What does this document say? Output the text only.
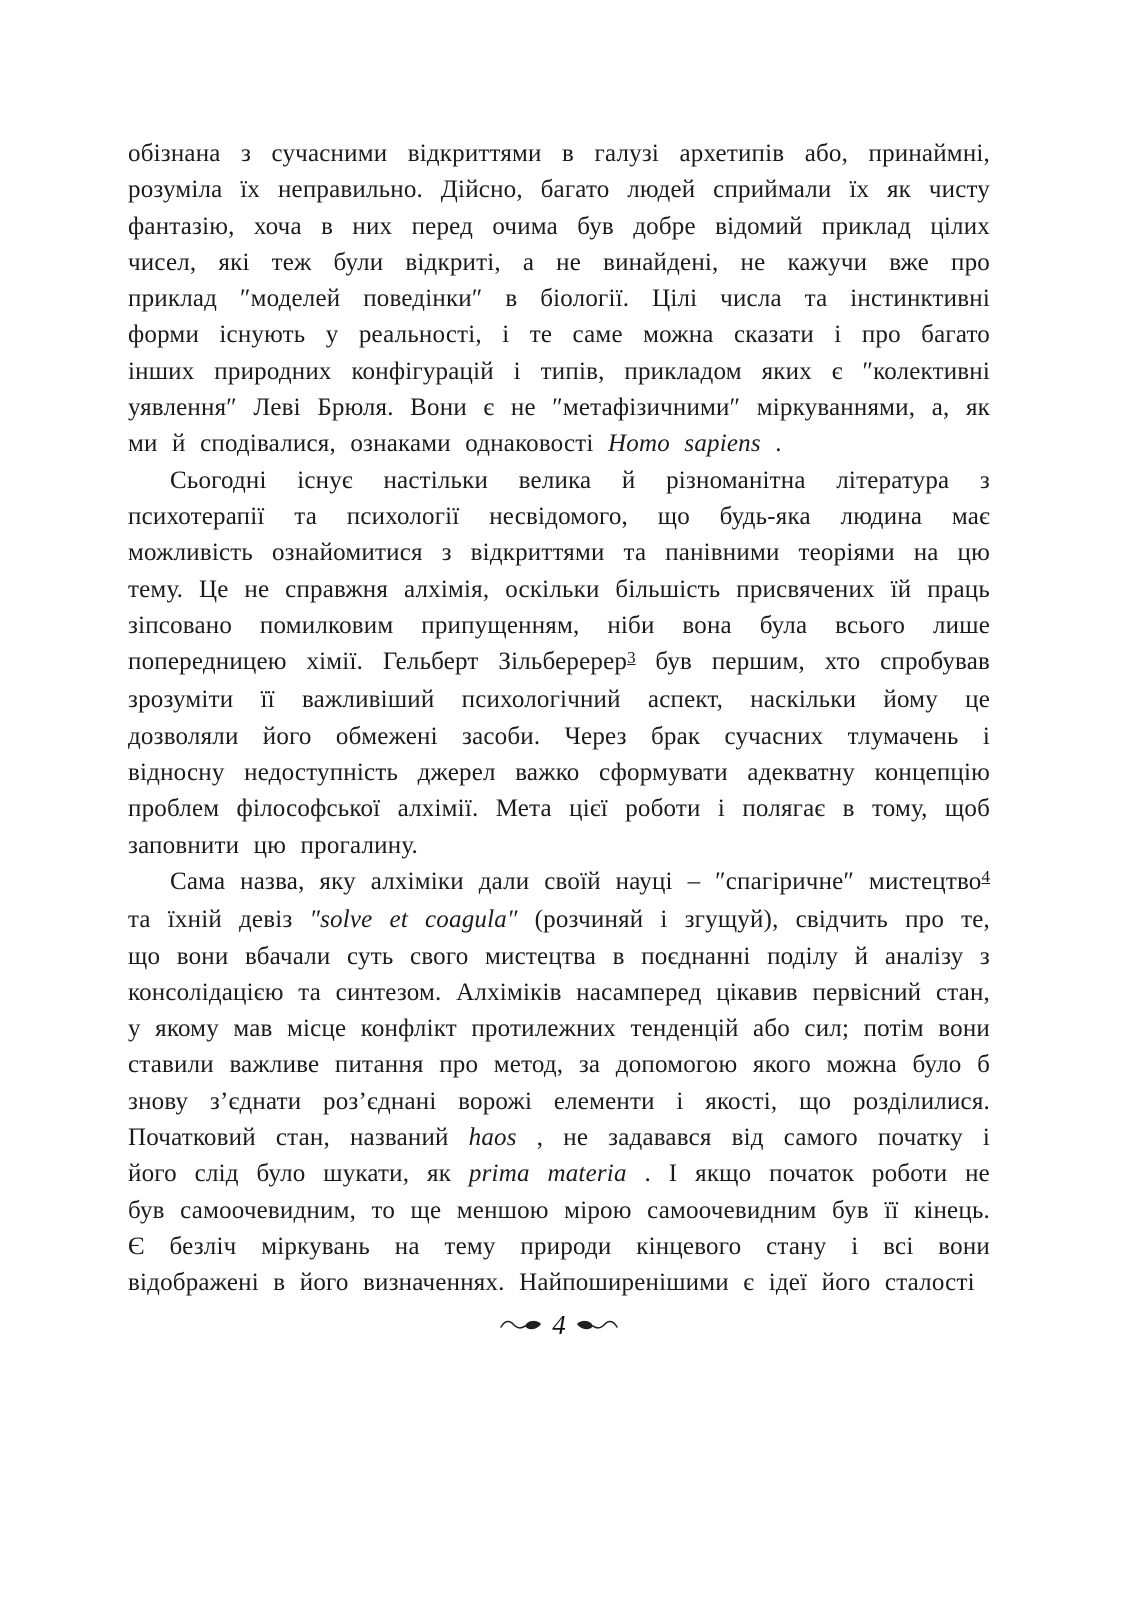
обізнана з сучасними відкриттями в галузі архетипів або, принаймні, розуміла їх неправильно. Дійсно, багато людей сприймали їх як чисту фантазію, хоча в них перед очима був добре відомий приклад цілих чисел, які теж були відкриті, а не винайдені, не кажучи вже про приклад ″моделей поведінки″ в біології. Цілі числа та інстинктивні форми існують у реальності, і те саме можна сказати і про багато інших природних конфігурацій і типів, прикладом яких є ″колективні уявлення″ Леві Брюля. Вони є не ″метафізичними″ міркуваннями, а, як ми й сподівалися, ознаками однаковості Homo sapiens .

Сьогодні існує настільки велика й різноманітна література з психотерапії та психології несвідомого, що будь-яка людина має можливість ознайомитися з відкриттями та панівними теоріями на цю тему. Це не справжня алхімія, оскільки більшість присвячених їй праць зіпсовано помилковим припущенням, ніби вона була всього лише попередницею хімії. Гельберт Зільберерер$^3$ був першим, хто спробував зрозуміти її важливіший психологічний аспект, наскільки йому це дозволяли його обмежені засоби. Через брак сучасних тлумачень і відносну недоступність джерел важко сформувати адекватну концепцію проблем філософської алхімії. Мета цієї роботи і полягає в тому, щоб заповнити цю прогалину.

Сама назва, яку алхіміки дали своїй науці – ″спагіричне″ мистецтво$^4$ та їхній девіз ″solve et coagula″ (розчиняй і згущуй), свідчить про те, що вони вбачали суть свого мистецтва в поєднанні поділу й аналізу з консолідацією та синтезом. Алхіміків насамперед цікавив первісний стан, у якому мав місце конфлікт протилежних тенденцій або сил; потім вони ставили важливе питання про метод, за допомогою якого можна було б знову з’єднати роз’єднані ворожі елементи і якості, що розділилися. Початковий стан, названий haos , не задавався від самого початку і його слід було шукати, як prima materia . І якщо початок роботи не був самоочевидним, то ще меншою мірою самоочевидним був її кінець. Є безліч міркувань на тему природи кінцевого стану і всі вони відображені в його визначеннях. Найпоширенішими є ідеї його сталості

4
